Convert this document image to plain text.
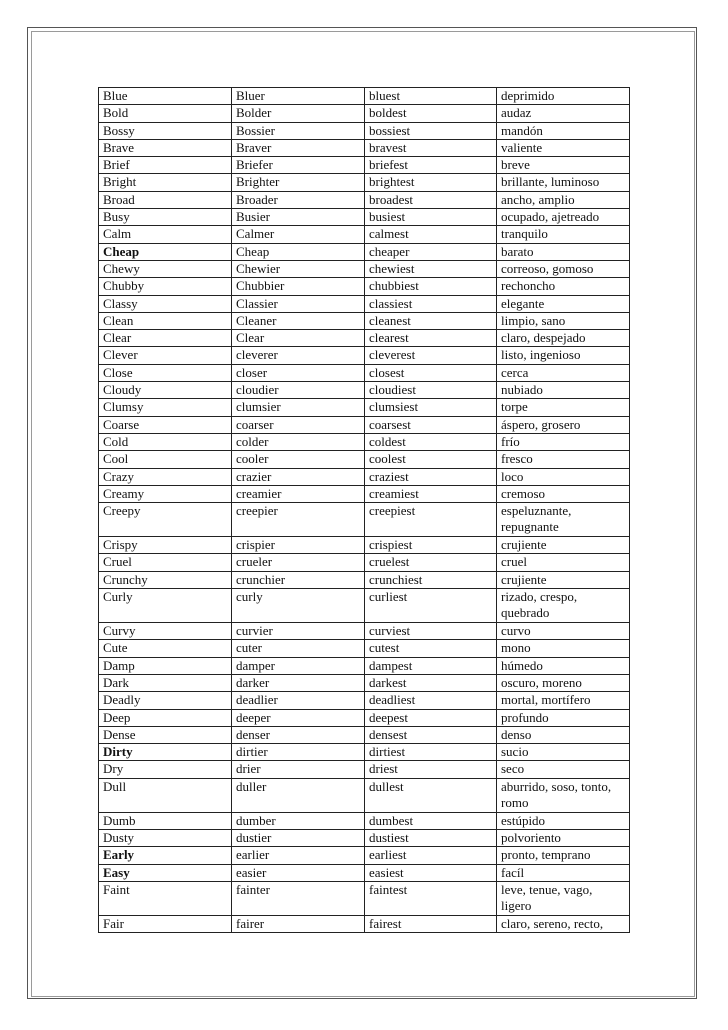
Blue	Bluer	bluest	deprimido
Bold	Bolder	boldest	audaz
Bossy	Bossier	bossiest	mandón
Brave	Braver	bravest	valiente
Brief	Briefer	briefest	breve
Bright	Brighter	brightest	brillante, luminoso
Broad	Broader	broadest	ancho, amplio
Busy	Busier	busiest	ocupado, ajetreado
Calm	Calmer	calmest	tranquilo
Cheap	Cheap	cheaper	barato
Chewy	Chewier	chewiest	correoso, gomoso
Chubby	Chubbier	chubbiest	rechoncho
Classy	Classier	classiest	elegante
Clean	Cleaner	cleanest	limpio, sano
Clear	Clear	clearest	claro, despejado
Clever	cleverer	cleverest	listo, ingenioso
Close	closer	closest	cerca
Cloudy	cloudier	cloudiest	nubiado
Clumsy	clumsier	clumsiest	torpe
Coarse	coarser	coarsest	áspero, grosero
Cold	colder	coldest	frío
Cool	cooler	coolest	fresco
Crazy	crazier	craziest	loco
Creamy	creamier	creamiest	cremoso
Creepy	creepier	creepiest	espeluznante, repugnante
Crispy	crispier	crispiest	crujiente
Cruel	crueler	cruelest	cruel
Crunchy	crunchier	crunchiest	crujiente
Curly	curly	curliest	rizado, crespo, quebrado
Curvy	curvier	curviest	curvo
Cute	cuter	cutest	mono
Damp	damper	dampest	húmedo
Dark	darker	darkest	oscuro, moreno
Deadly	deadlier	deadliest	mortal, mortífero
Deep	deeper	deepest	profundo
Dense	denser	densest	denso
Dirty	dirtier	dirtiest	sucio
Dry	drier	driest	seco
Dull	duller	dullest	aburrido, soso, tonto, romo
Dumb	dumber	dumbest	estúpido
Dusty	dustier	dustiest	polvoriento
Early	earlier	earliest	pronto, temprano
Easy	easier	easiest	facíl
Faint	fainter	faintest	leve, tenue, vago, ligero
Fair	fairer	fairest	claro, sereno, recto,
